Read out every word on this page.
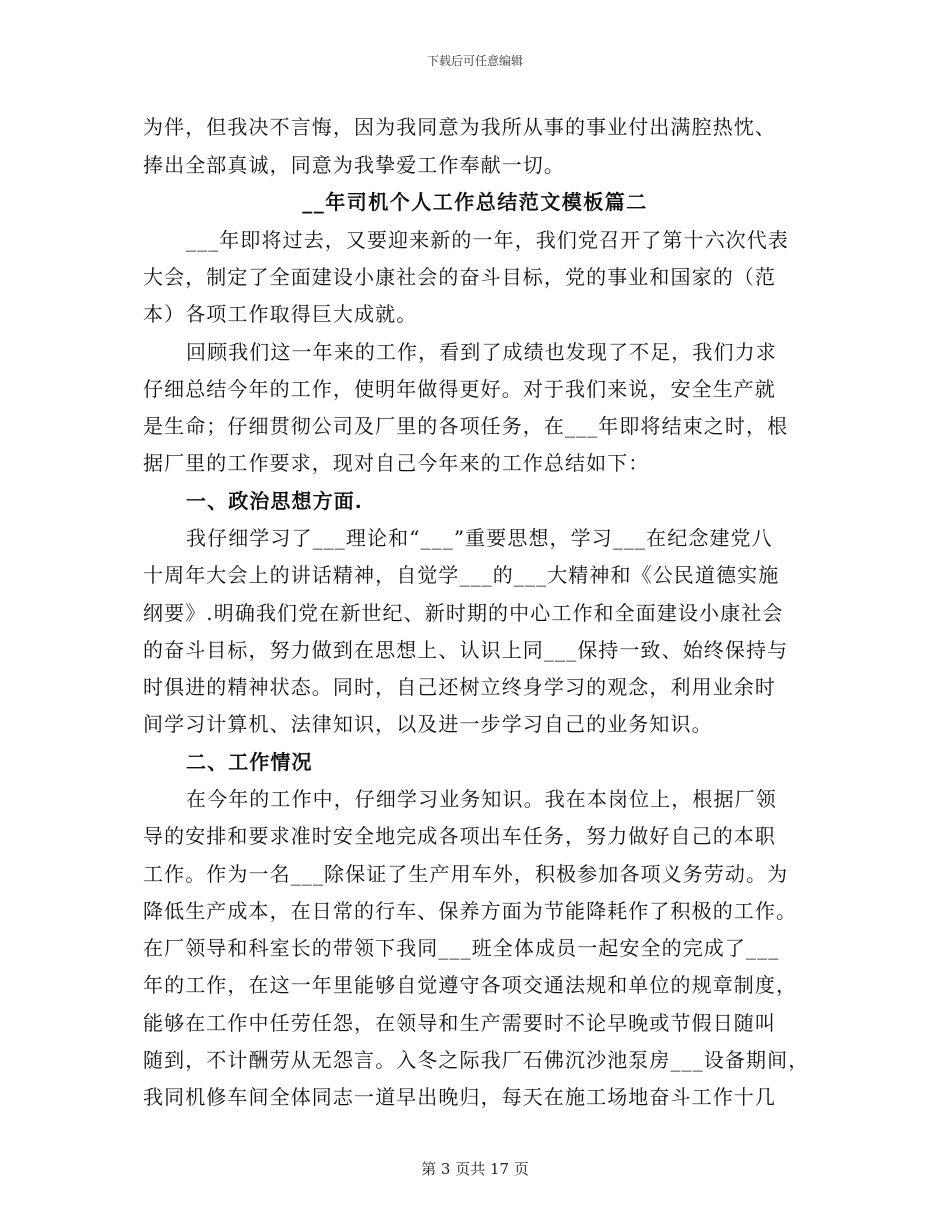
下载后可任意编辑
为伴，但我决不言悔，因为我同意为我所从事的事业付出满腔热忱、
捧出全部真诚，同意为我挚爱工作奉献一切。
__年司机个人工作总结范文模板篇二
___年即将过去，又要迎来新的一年，我们党召开了第十六次代表
大会，制定了全面建设小康社会的奋斗目标，党的事业和国家的（范
本）各项工作取得巨大成就。
回顾我们这一年来的工作，看到了成绩也发现了不足，我们力求
仔细总结今年的工作，使明年做得更好。对于我们来说，安全生产就
是生命；仔细贯彻公司及厂里的各项任务，在___年即将结束之时，根
据厂里的工作要求，现对自己今年来的工作总结如下：
一、政治思想方面.
我仔细学习了___理论和“___”重要思想，学习___在纪念建党八
十周年大会上的讲话精神，自觉学___的___大精神和《公民道德实施
纲要》.明确我们党在新世纪、新时期的中心工作和全面建设小康社会
的奋斗目标，努力做到在思想上、认识上同___保持一致、始终保持与
时俱进的精神状态。同时，自己还树立终身学习的观念，利用业余时
间学习计算机、法律知识，以及进一步学习自己的业务知识。
二、工作情况
在今年的工作中，仔细学习业务知识。我在本岗位上，根据厂领
导的安排和要求准时安全地完成各项出车任务，努力做好自己的本职
工作。作为一名___除保证了生产用车外，积极参加各项义务劳动。为
降低生产成本，在日常的行车、保养方面为节能降耗作了积极的工作。
在厂领导和科室长的带领下我同___班全体成员一起安全的完成了___
年的工作，在这一年里能够自觉遵守各项交通法规和单位的规章制度，
能够在工作中任劳任怨，在领导和生产需要时不论早晚或节假日随叫
随到，不计酬劳从无怨言。入冬之际我厂石佛沉沙池泵房___设备期间，
我同机修车间全体同志一道早出晚归，每天在施工场地奋斗工作十几
第 3 页共 17 页
